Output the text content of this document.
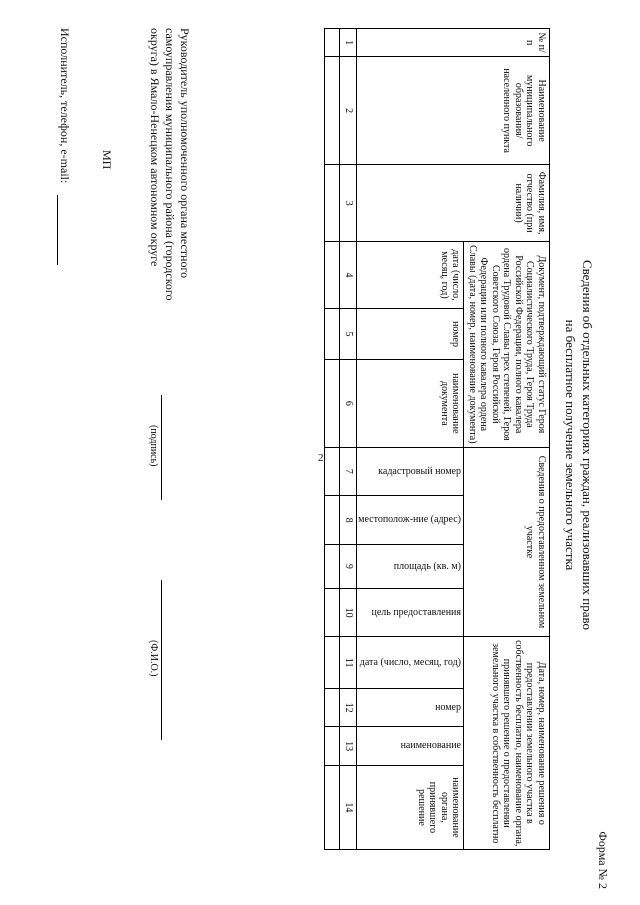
2
Форма № 2
Сведения об отдельных категориях граждан, реализовавших право
на бесплатное получение земельного участка
№ п/п	Наименование муниципального образования/ населенного пункта	Фамилия, имя, отчество (при наличии)	Документ, подтверждающий статус Героя Социалистического Труда, Героя Труда Российской Федерации, полного кавалера ордена Трудовой Славы трех степеней, Героя Советского Союза, Героя Российской Федерации или полного кавалера ордена Славы (дата, номер, наименование документа)			Сведения о предоставленном земельном участке				Дата, номер, наименование решения о предоставлении земельного участка в собственность бесплатно, наименование органа, принявшего решение о предоставлении земельного участка в собственность бесплатно			
			дата (число, месяц, год)	номер	наименование документа	кадастровый номер	местополож-ние (адрес)	площадь (кв. м)	цель предоставления	дата (число, месяц, год)	номер	наименование	наименование органа, принявшего решение
1	2	3	4	5	6	7	8	9	10	11	12	13	14

Руководитель уполномоченного органа местного самоуправления муниципального района (городского округа) в Ямало-Ненецком автономном округе
(подпись)
(Ф.И.О.)
МП
Исполнитель, телефон, e-mail:
